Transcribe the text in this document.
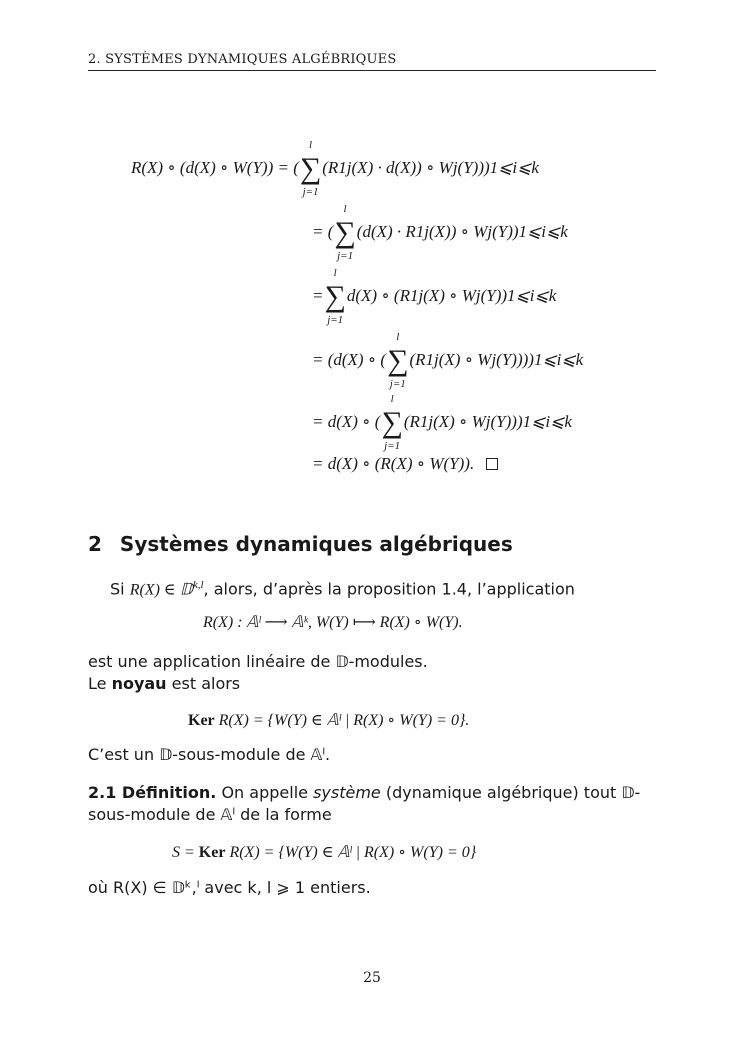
2. SYSTÈMES DYNAMIQUES ALGÉBRIQUES
R(X) ∘ (d(X) ∘ W(Y)) = (
l
∑
j=1
(R1j(X) · d(X)) ∘ Wj(Y)))1⩽i⩽k
= (
l
∑
j=1
(d(X) · R1j(X)) ∘ Wj(Y))1⩽i⩽k
=
l
∑
j=1
d(X) ∘ (R1j(X) ∘ Wj(Y))1⩽i⩽k
= (d(X) ∘ (
l
∑
j=1
(R1j(X) ∘ Wj(Y))))1⩽i⩽k
= d(X) ∘ (
l
∑
j=1
(R1j(X) ∘ Wj(Y)))1⩽i⩽k
= d(X) ∘ (R(X) ∘ W(Y)).
2 Systèmes dynamiques algébriques
Si R(X) ∈ 𝔻$^{k,l}$, alors, d’après la proposition 1.4, l’application
R(X) : 𝔸ˡ ⟶ 𝔸ᵏ, W(Y) ⟼ R(X) ∘ W(Y).
est une application linéaire de 𝔻-modules.
Le noyau est alors
Ker R(X) = {W(Y) ∈ 𝔸ˡ | R(X) ∘ W(Y) = 0}.
C’est un 𝔻-sous-module de 𝔸ˡ.
2.1 Définition. On appelle système (dynamique algébrique) tout 𝔻-sous-module de 𝔸ˡ de la forme
S = Ker R(X) = {W(Y) ∈ 𝔸ˡ | R(X) ∘ W(Y) = 0}
où R(X) ∈ 𝔻ᵏ,ˡ avec k, l ⩾ 1 entiers.
25
